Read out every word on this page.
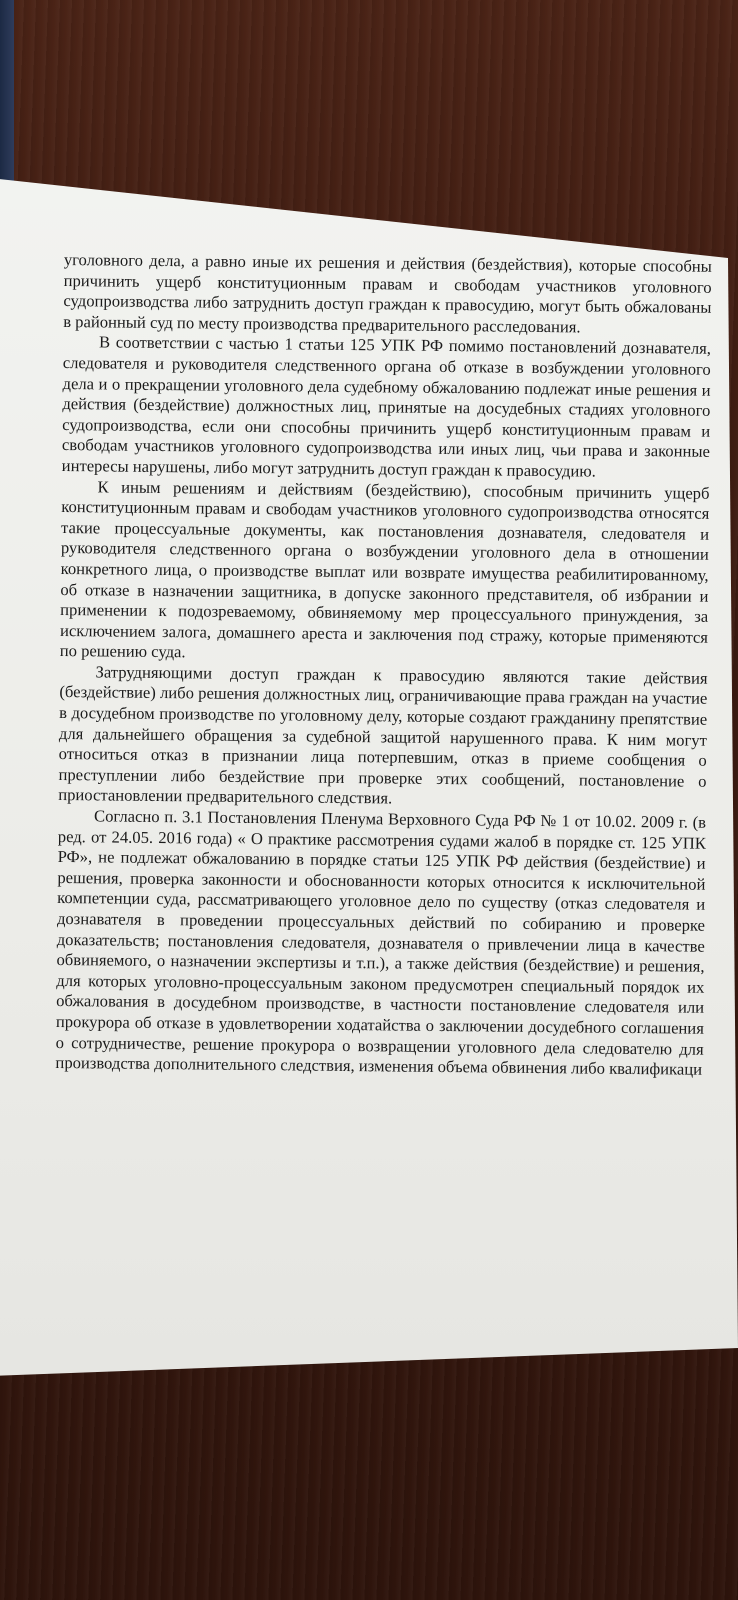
уголовного дела, а равно иные их решения и действия (бездействия), которые способны причинить ущерб конституционным правам и свободам участников уголовного судопроизводства либо затруднить доступ граждан к правосудию, могут быть обжалованы в районный суд по месту производства предварительного расследования.

В соответствии с частью 1 статьи 125 УПК РФ помимо постановлений дознавателя, следователя и руководителя следственного органа об отказе в возбуждении уголовного дела и о прекращении уголовного дела судебному обжалованию подлежат иные решения и действия (бездействие) должностных лиц, принятые на досудебных стадиях уголовного судопроизводства, если они способны причинить ущерб конституционным правам и свободам участников уголовного судопроизводства или иных лиц, чьи права и законные интересы нарушены, либо могут затруднить доступ граждан к правосудию.

К иным решениям и действиям (бездействию), способным причинить ущерб конституционным правам и свободам участников уголовного судопроизводства относятся такие процессуальные документы, как постановления дознавателя, следователя и руководителя следственного органа о возбуждении уголовного дела в отношении конкретного лица, о производстве выплат или возврате имущества реабилитированному, об отказе в назначении защитника, в допуске законного представителя, об избрании и применении к подозреваемому, обвиняемому мер процессуального принуждения, за исключением залога, домашнего ареста и заключения под стражу, которые применяются по решению суда.

Затрудняющими доступ граждан к правосудию являются такие действия (бездействие) либо решения должностных лиц, ограничивающие права граждан на участие в досудебном производстве по уголовному делу, которые создают гражданину препятствие для дальнейшего обращения за судебной защитой нарушенного права. К ним могут относиться отказ в признании лица потерпевшим, отказ в приеме сообщения о преступлении либо бездействие при проверке этих сообщений, постановление о приостановлении предварительного следствия.

Согласно п. 3.1 Постановления Пленума Верховного Суда РФ № 1 от 10.02. 2009 г. (в ред. от 24.05. 2016 года) « О практике рассмотрения судами жалоб в порядке ст. 125 УПК РФ», не подлежат обжалованию в порядке статьи 125 УПК РФ действия (бездействие) и решения, проверка законности и обоснованности которых относится к исключительной компетенции суда, рассматривающего уголовное дело по существу (отказ следователя и дознавателя в проведении процессуальных действий по собиранию и проверке доказательств; постановления следователя, дознавателя о привлечении лица в качестве обвиняемого, о назначении экспертизы и т.п.), а также действия (бездействие) и решения, для которых уголовно-процессуальным законом предусмотрен специальный порядок их обжалования в досудебном производстве, в частности постановление следователя или прокурора об отказе в удовлетворении ходатайства о заключении досудебного соглашения о сотрудничестве, решение прокурора о возвращении уголовного дела следователю для производства дополнительного следствия, изменения объема обвинения либо квалификаци
